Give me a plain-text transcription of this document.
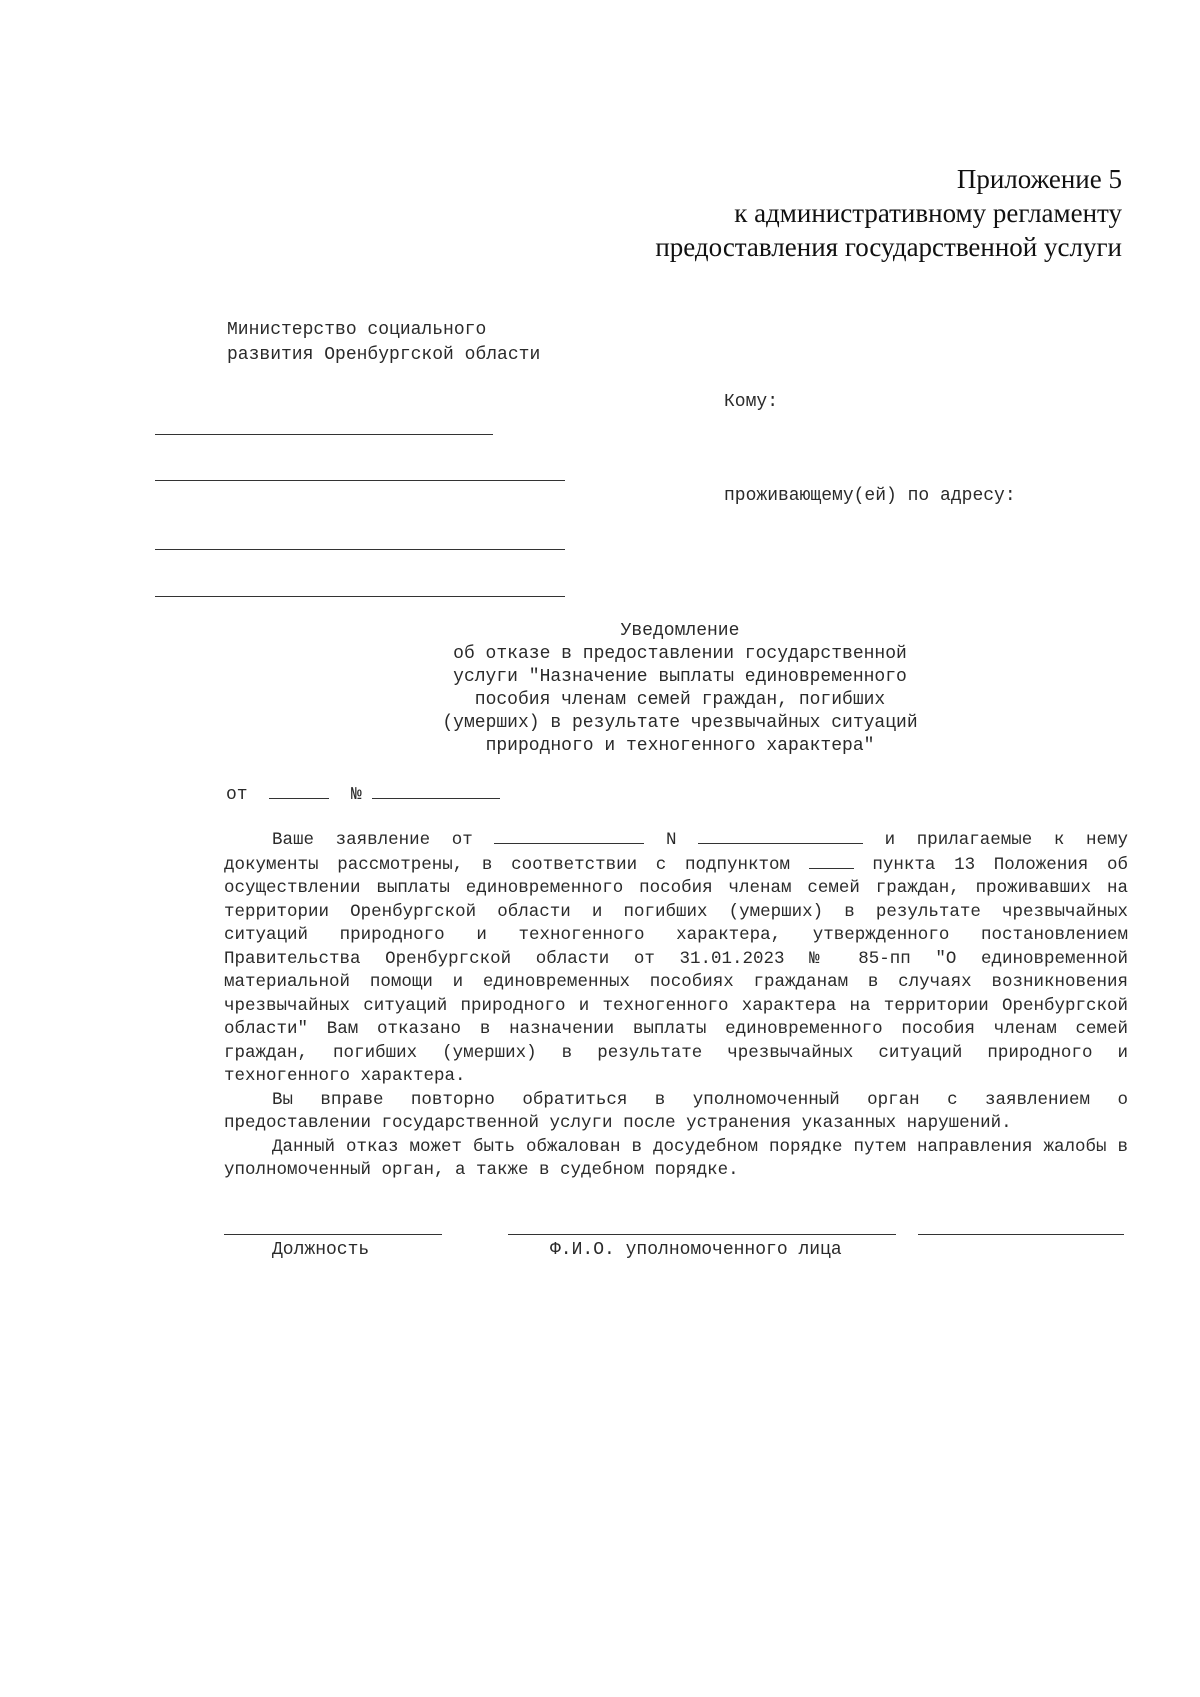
Приложение 5
к административному регламенту
предоставления государственной услуги
Министерство социального
развития Оренбургской области
Кому:
проживающему(ей) по адресу:
Уведомление
об отказе в предоставлении государственной
услуги "Назначение выплаты единовременного
пособия членам семей граждан, погибших
(умерших) в результате чрезвычайных ситуаций
природного и техногенного характера"
от	№

Ваше заявление от	N	и прилагаемые к нему документы рассмотрены, в соответствии с подпунктом	пункта 13 Положения об осуществлении выплаты единовременного пособия членам семей граждан, проживавших на территории Оренбургской области и погибших (умерших) в результате чрезвычайных ситуаций природного и техногенного характера, утвержденного постановлением Правительства Оренбургской области от 31.01.2023 № 85-пп "О единовременной материальной помощи и единовременных пособиях гражданам в случаях возникновения чрезвычайных ситуаций природного и техногенного характера на территории Оренбургской области" Вам отказано в назначении выплаты единовременного пособия членам семей граждан, погибших (умерших) в результате чрезвычайных ситуаций природного и техногенного характера.

Вы вправе повторно обратиться в уполномоченный орган с заявлением о предоставлении государственной услуги после устранения указанных нарушений.

Данный отказ может быть обжалован в досудебном порядке путем направления жалобы в уполномоченный орган, а также в судебном порядке.

Должность	Ф.И.О. уполномоченного лица
